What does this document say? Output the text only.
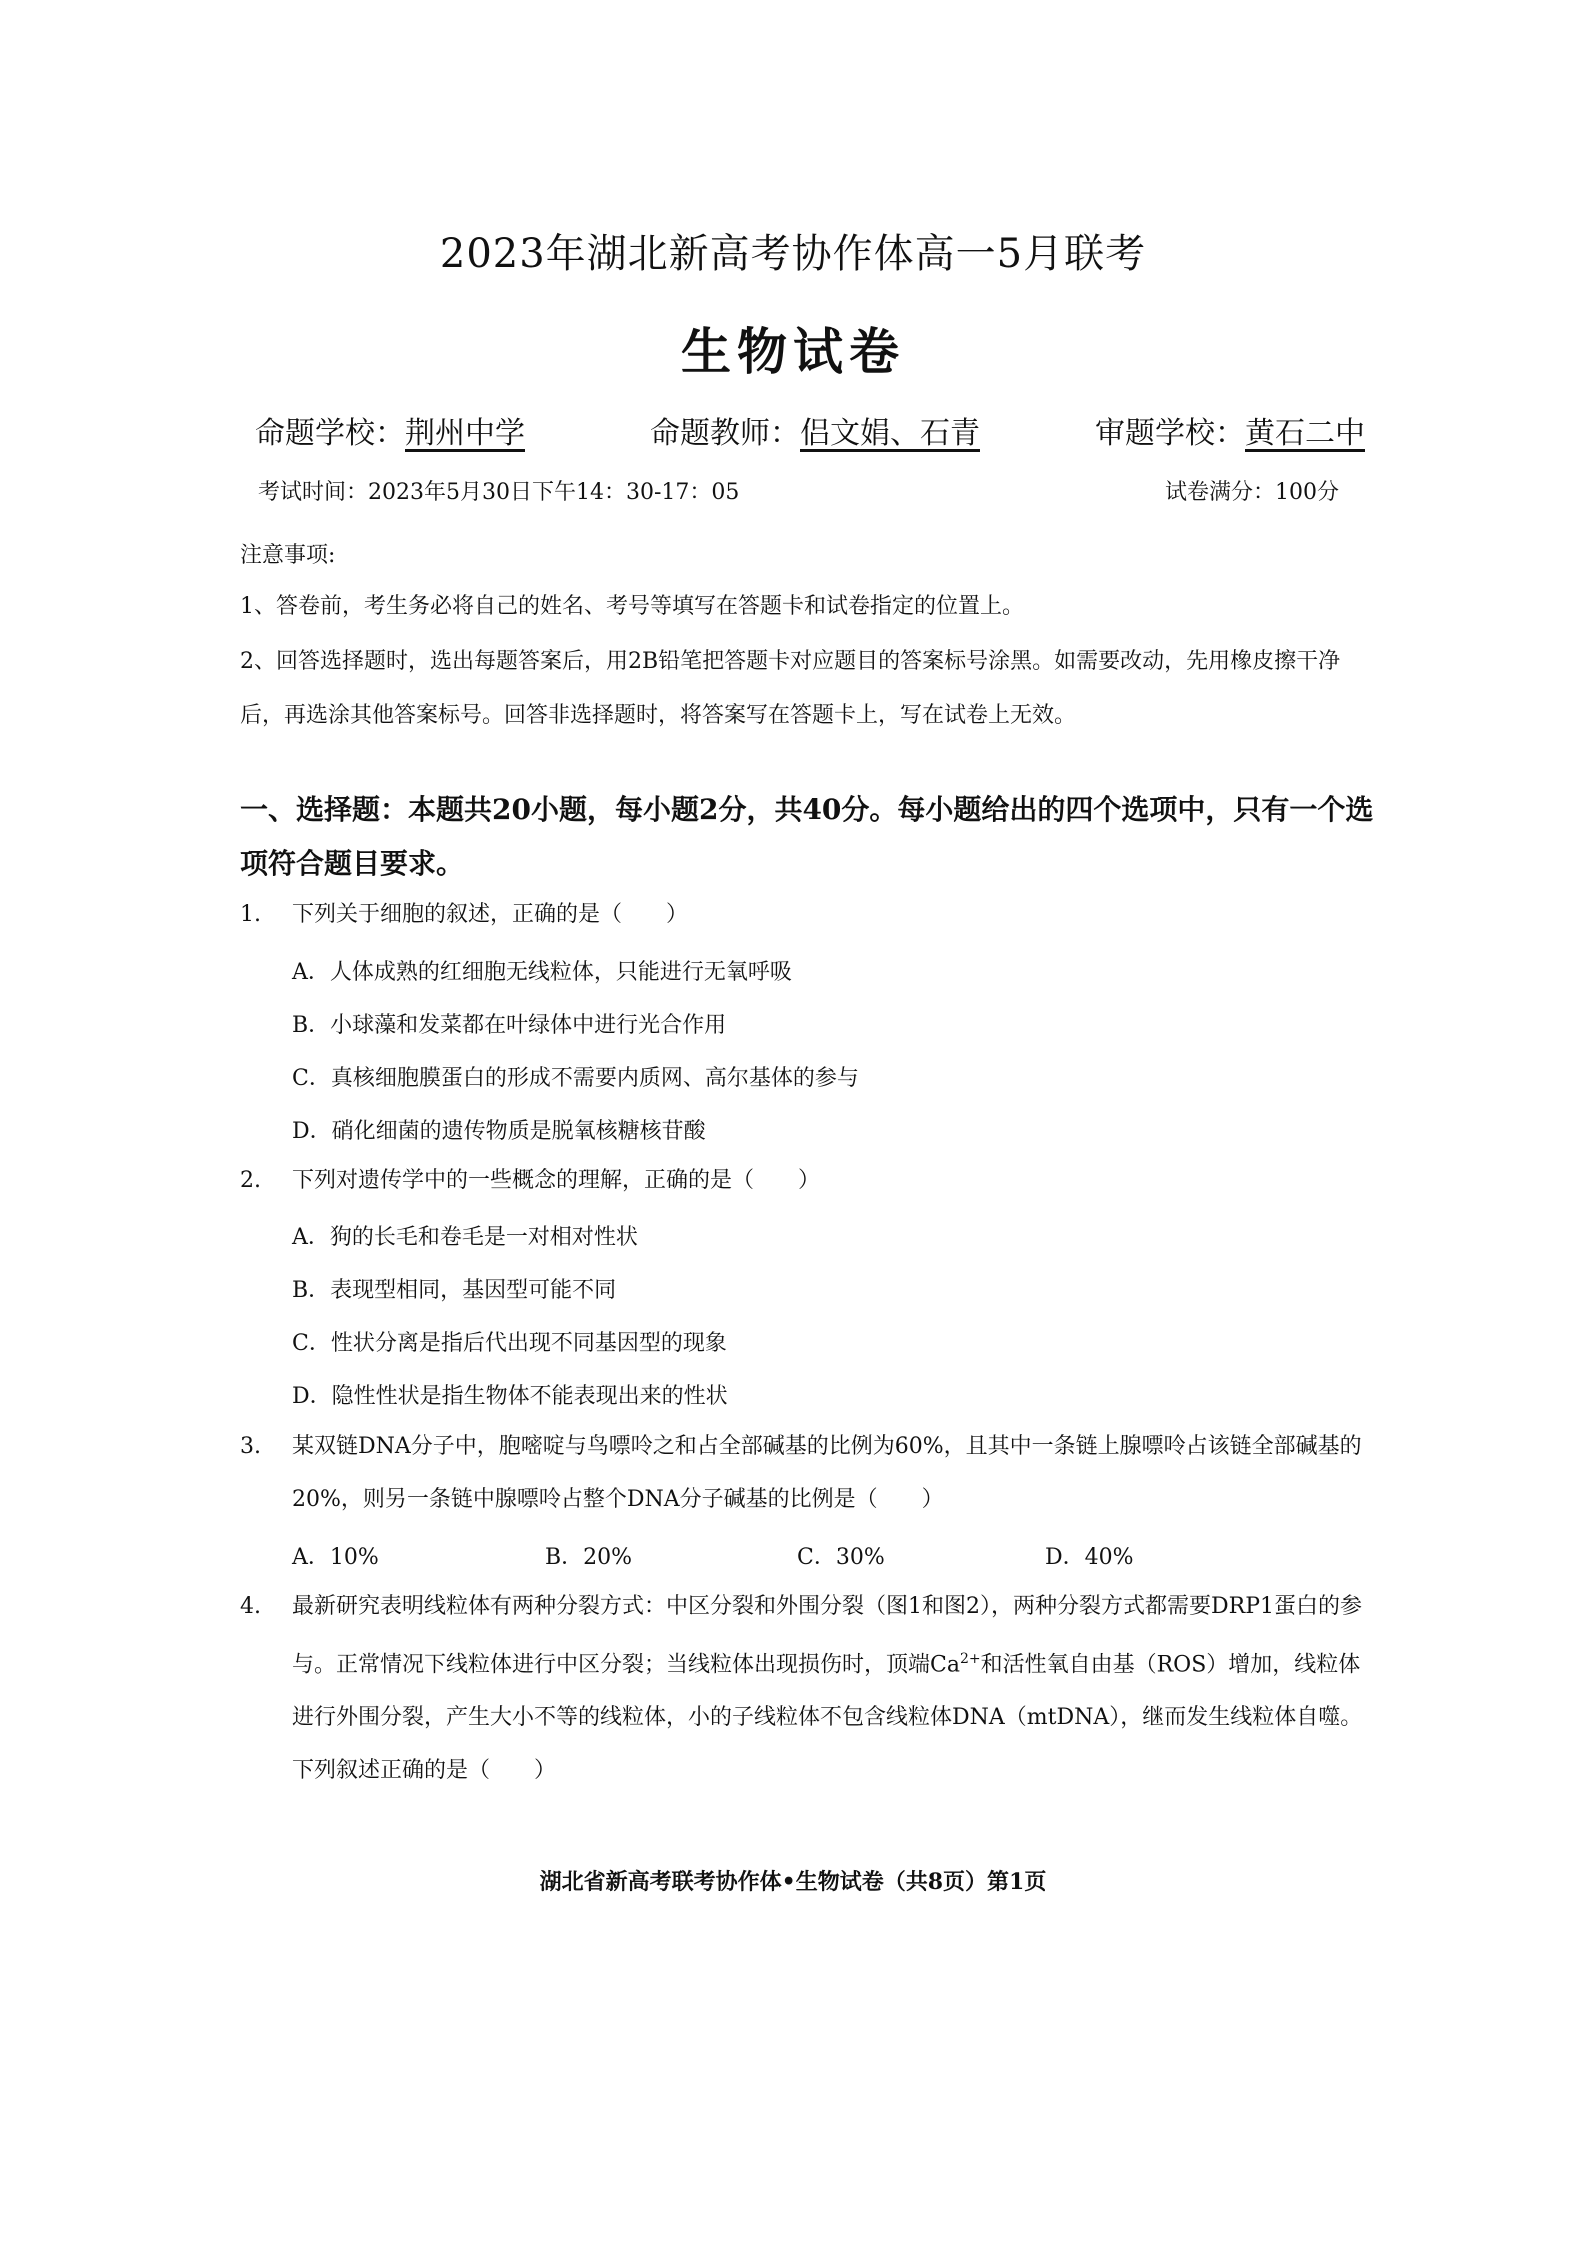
2023年湖北新高考协作体高一5月联考
生物试卷
命题学校：荆州中学	命题教师：侣文娟、石青	审题学校：黄石二中
考试时间：2023年5月30日下午14：30-17：05	试卷满分：100分
注意事项:
1、答卷前，考生务必将自己的姓名、考号等填写在答题卡和试卷指定的位置上。
2、回答选择题时，选出每题答案后，用2B铅笔把答题卡对应题目的答案标号涂黑。如需要改动，先用橡皮擦干净后，再选涂其他答案标号。回答非选择题时，将答案写在答题卡上，写在试卷上无效。
一、选择题：本题共20小题，每小题2分，共40分。每小题给出的四个选项中，只有一个选项符合题目要求。
1. 下列关于细胞的叙述，正确的是（　　）
A．人体成熟的红细胞无线粒体，只能进行无氧呼吸
B．小球藻和发菜都在叶绿体中进行光合作用
C．真核细胞膜蛋白的形成不需要内质网、高尔基体的参与
D．硝化细菌的遗传物质是脱氧核糖核苷酸
2. 下列对遗传学中的一些概念的理解，正确的是（　　）
A．狗的长毛和卷毛是一对相对性状
B．表现型相同，基因型可能不同
C．性状分离是指后代出现不同基因型的现象
D．隐性性状是指生物体不能表现出来的性状
3. 某双链DNA分子中，胞嘧啶与鸟嘌呤之和占全部碱基的比例为60%，且其中一条链上腺嘌呤占该链全部碱基的20%，则另一条链中腺嘌呤占整个DNA分子碱基的比例是（　　）
A．10%	B．20%	C．30%	D．40%
4. 最新研究表明线粒体有两种分裂方式：中区分裂和外围分裂（图1和图2），两种分裂方式都需要DRP1蛋白的参与。正常情况下线粒体进行中区分裂；当线粒体出现损伤时，顶端$Ca^{2+}$和活性氧自由基（ROS）增加，线粒体进行外围分裂，产生大小不等的线粒体，小的子线粒体不包含线粒体DNA（mtDNA），继而发生线粒体自噬。下列叙述正确的是（　　）
湖北省新高考联考协作体•生物试卷（共8页）第1页
